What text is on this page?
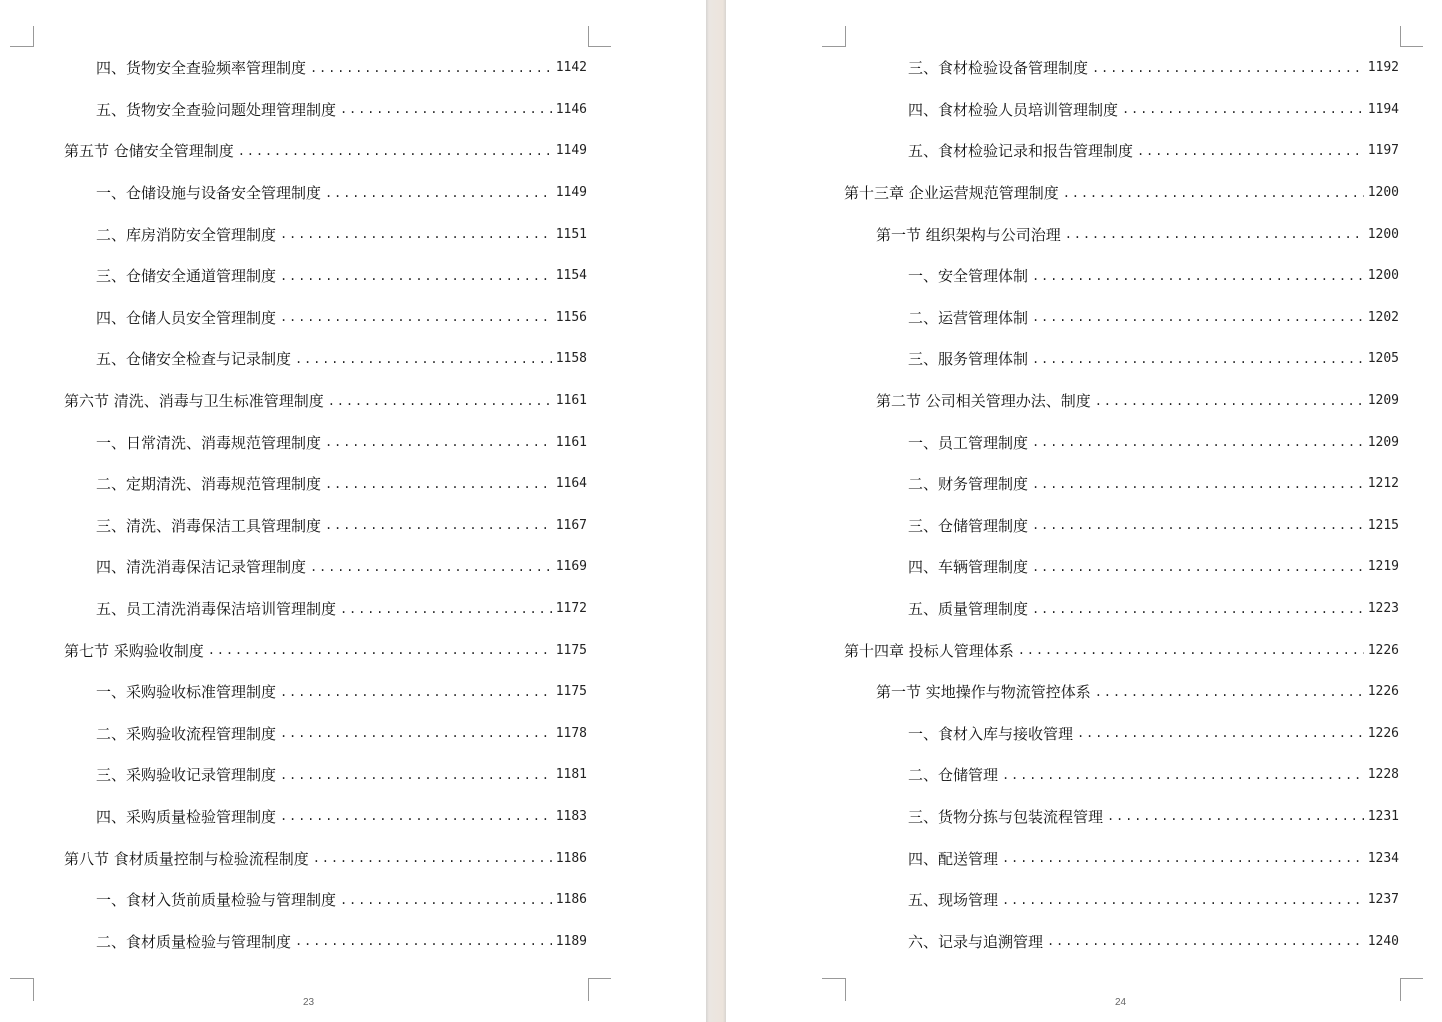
四、货物安全查验频率管理制度 .....	1142
五、货物安全查验问题处理管理制度 .....	1146
第五节 仓储安全管理制度 .....	1149
一、仓储设施与设备安全管理制度 .....	1149
二、库房消防安全管理制度 .....	1151
三、仓储安全通道管理制度 .....	1154
四、仓储人员安全管理制度 .....	1156
五、仓储安全检查与记录制度 .....	1158
第六节 清洗、消毒与卫生标准管理制度 .....	1161
一、日常清洗、消毒规范管理制度 .....	1161
二、定期清洗、消毒规范管理制度 .....	1164
三、清洗、消毒保洁工具管理制度 .....	1167
四、清洗消毒保洁记录管理制度 .....	1169
五、员工清洗消毒保洁培训管理制度 .....	1172
第七节 采购验收制度 .....	1175
一、采购验收标准管理制度 .....	1175
二、采购验收流程管理制度 .....	1178
三、采购验收记录管理制度 .....	1181
四、采购质量检验管理制度 .....	1183
第八节 食材质量控制与检验流程制度 .....	1186
一、食材入货前质量检验与管理制度 .....	1186
二、食材质量检验与管理制度 .....	1189
23
三、食材检验设备管理制度 .....	1192
四、食材检验人员培训管理制度 .....	1194
五、食材检验记录和报告管理制度 .....	1197
第十三章 企业运营规范管理制度 .....	1200
第一节 组织架构与公司治理 .....	1200
一、安全管理体制 .....	1200
二、运营管理体制 .....	1202
三、服务管理体制 .....	1205
第二节 公司相关管理办法、制度 .....	1209
一、员工管理制度 .....	1209
二、财务管理制度 .....	1212
三、仓储管理制度 .....	1215
四、车辆管理制度 .....	1219
五、质量管理制度 .....	1223
第十四章 投标人管理体系 .....	1226
第一节 实地操作与物流管控体系 .....	1226
一、食材入库与接收管理 .....	1226
二、仓储管理 .....	1228
三、货物分拣与包装流程管理 .....	1231
四、配送管理 .....	1234
五、现场管理 .....	1237
六、记录与追溯管理 .....	1240
24
